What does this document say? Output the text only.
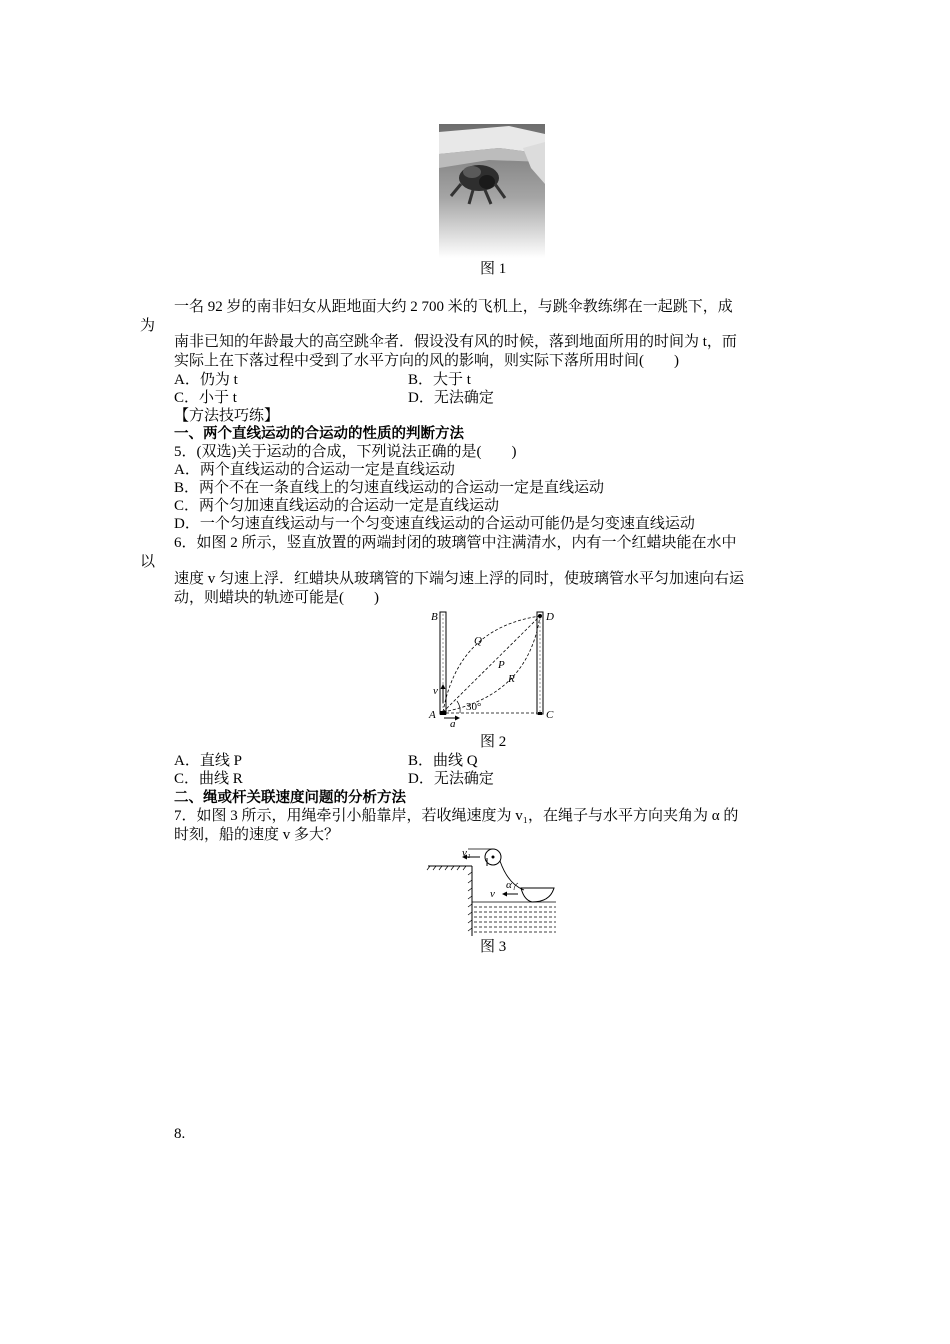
图 1
一名 92 岁的南非妇女从距地面大约 2 700 米的飞机上，与跳伞教练绑在一起跳下，成
为
南非已知的年龄最大的高空跳伞者．假设没有风的时候，落到地面所用的时间为 t，而
实际上在下落过程中受到了水平方向的风的影响，则实际下落所用时间(　　)
A．仍为 t	B．大于 t
C．小于 t	D．无法确定
【方法技巧练】
一、两个直线运动的合运动的性质的判断方法
5．(双选)关于运动的合成，下列说法正确的是(　　)
A．两个直线运动的合运动一定是直线运动
B．两个不在一条直线上的匀速直线运动的合运动一定是直线运动
C．两个匀加速直线运动的合运动一定是直线运动
D．一个匀速直线运动与一个匀变速直线运动的合运动可能仍是匀变速直线运动
6．如图 2 所示，竖直放置的两端封闭的玻璃管中注满清水，内有一个红蜡块能在水中
以
速度 v 匀速上浮．红蜡块从玻璃管的下端匀速上浮的同时，使玻璃管水平匀加速向右运
动，则蜡块的轨迹可能是(　　)
B	D
Q
P
R
v
A
a
30°
C
图 2
A．直线 P	B．曲线 Q
C．曲线 R	D．无法确定
二、绳或杆关联速度问题的分析方法
7．如图 3 所示，用绳牵引小船靠岸，若收绳速度为 v₁，在绳子与水平方向夹角为 α 的
时刻，船的速度 v 多大？
v₁
v
α
图 3
8.
